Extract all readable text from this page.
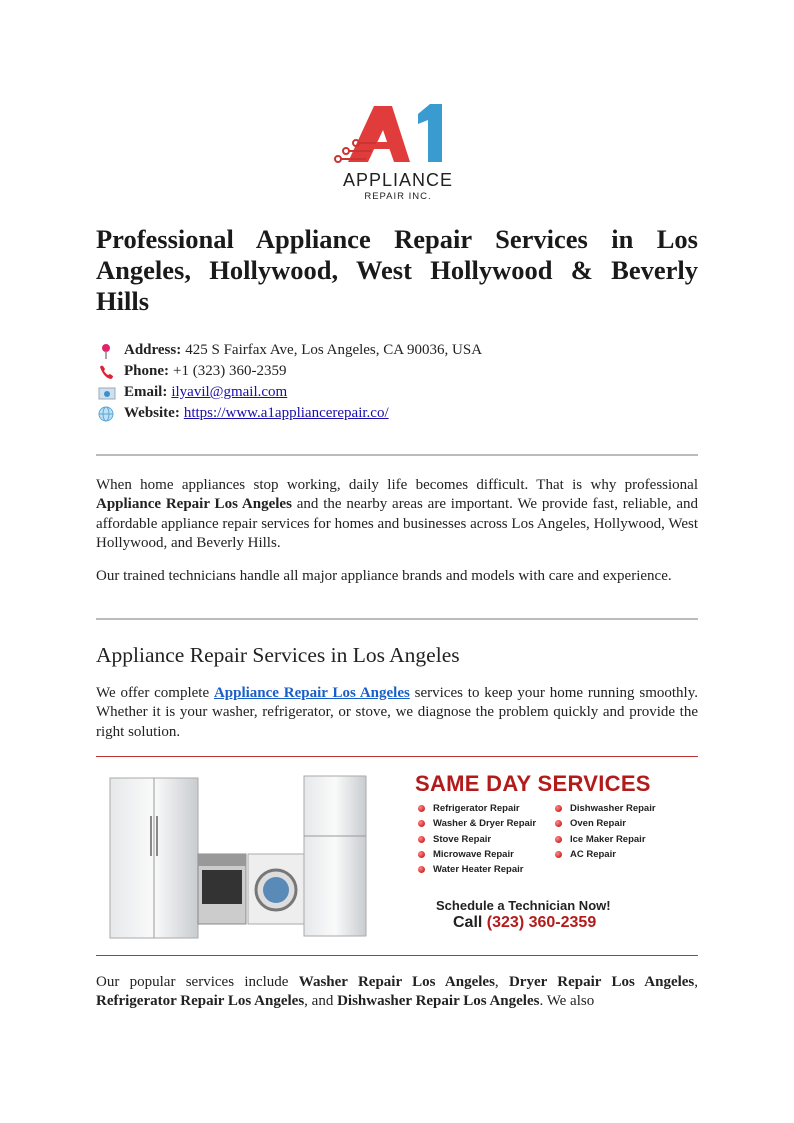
APPLIANCE
REPAIR INC.
Professional Appliance Repair Services in Los Angeles, Hollywood, West Hollywood & Beverly Hills
Address: 425 S Fairfax Ave, Los Angeles, CA 90036, USA
Phone: +1 (323) 360-2359
Email: ilyavil@gmail.com
Website: https://www.a1appliancerepair.co/

When home appliances stop working, daily life becomes difficult. That is why professional Appliance Repair Los Angeles and the nearby areas are important. We provide fast, reliable, and affordable appliance repair services for homes and businesses across Los Angeles, Hollywood, West Hollywood, and Beverly Hills.

Our trained technicians handle all major appliance brands and models with care and experience.

Appliance Repair Services in Los Angeles

We offer complete Appliance Repair Los Angeles services to keep your home running smoothly. Whether it is your washer, refrigerator, or stove, we diagnose the problem quickly and provide the right solution.

SAME DAY SERVICES
Refrigerator Repair
Washer & Dryer Repair
Stove Repair
Microwave Repair
Water Heater Repair
Dishwasher Repair
Oven Repair
Ice Maker Repair
AC Repair
Schedule a Technician Now!
Call (323) 360-2359

Our popular services include Washer Repair Los Angeles, Dryer Repair Los Angeles, Refrigerator Repair Los Angeles, and Dishwasher Repair Los Angeles. We also
